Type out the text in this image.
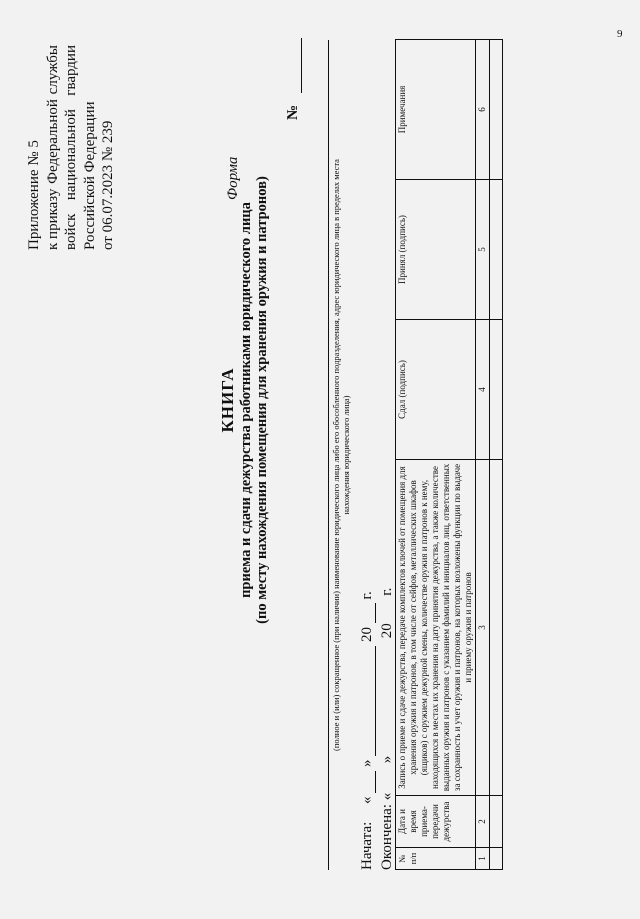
9
Приложение № 5 к приказу
Федеральной
службы
войск
национальной
гвардии
Российской Федерации от 06.07.2023 № 239	Форма
№
КНИГА приема и сдачи дежурства работниками юридического лица (по месту нахождения помещения для хранения оружия и патронов)	(полное и (или) сокращенное (при наличии) наименование юридического лица либо его обособленного подразделения, адрес юридического лица в пределах места нахождения юридического лица)
Начата: «  »  20  г.
Окончена: «  »  20  г.
№ п/п	Дата и время приема-передачи дежурства	Запись о приеме и сдаче дежурства, передаче комплектов ключей от помещения для хранения оружия и патронов, в том числе от сейфов, металлических шкафов (ящиков) с оружием дежурной смены, количестве оружия и патронов к нему, находящихся в местах их хранения на дату принятия дежурства, а также количестве выданных оружия и патронов с указанием фамилий и инициалов лиц, ответственных за сохранность и учет оружия и патронов, на которых возложены функции по выдаче и приему оружия и патронов	Сдал (подпись)	Принял (подпись)	Примечания
1	2	3	4	5	6
